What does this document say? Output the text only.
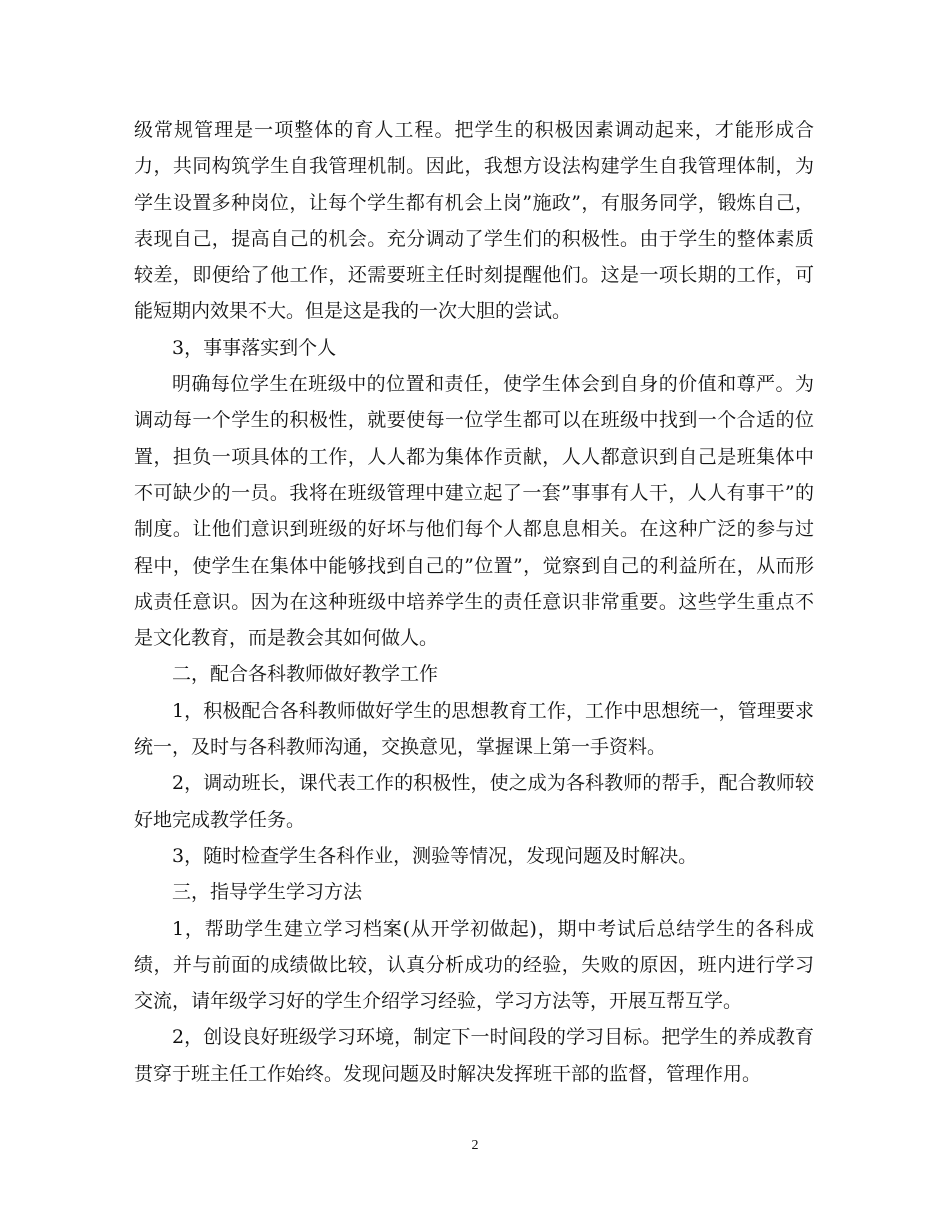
级常规管理是一项整体的育人工程。把学生的积极因素调动起来，才能形成合力，共同构筑学生自我管理机制。因此，我想方设法构建学生自我管理体制，为学生设置多种岗位，让每个学生都有机会上岗”施政”，有服务同学，锻炼自己，表现自己，提高自己的机会。充分调动了学生们的积极性。由于学生的整体素质较差，即便给了他工作，还需要班主任时刻提醒他们。这是一项长期的工作，可能短期内效果不大。但是这是我的一次大胆的尝试。

3，事事落实到个人

明确每位学生在班级中的位置和责任，使学生体会到自身的价值和尊严。为调动每一个学生的积极性，就要使每一位学生都可以在班级中找到一个合适的位置，担负一项具体的工作，人人都为集体作贡献，人人都意识到自己是班集体中不可缺少的一员。我将在班级管理中建立起了一套”事事有人干，人人有事干”的制度。让他们意识到班级的好坏与他们每个人都息息相关。在这种广泛的参与过程中，使学生在集体中能够找到自己的”位置”，觉察到自己的利益所在，从而形成责任意识。因为在这种班级中培养学生的责任意识非常重要。这些学生重点不是文化教育，而是教会其如何做人。

二，配合各科教师做好教学工作

1，积极配合各科教师做好学生的思想教育工作，工作中思想统一，管理要求统一，及时与各科教师沟通，交换意见，掌握课上第一手资料。

2，调动班长，课代表工作的积极性，使之成为各科教师的帮手，配合教师较好地完成教学任务。

3，随时检查学生各科作业，测验等情况，发现问题及时解决。

三，指导学生学习方法

1，帮助学生建立学习档案(从开学初做起)，期中考试后总结学生的各科成绩，并与前面的成绩做比较，认真分析成功的经验，失败的原因，班内进行学习交流，请年级学习好的学生介绍学习经验，学习方法等，开展互帮互学。

2，创设良好班级学习环境，制定下一时间段的学习目标。把学生的养成教育贯穿于班主任工作始终。发现问题及时解决发挥班干部的监督，管理作用。

2
